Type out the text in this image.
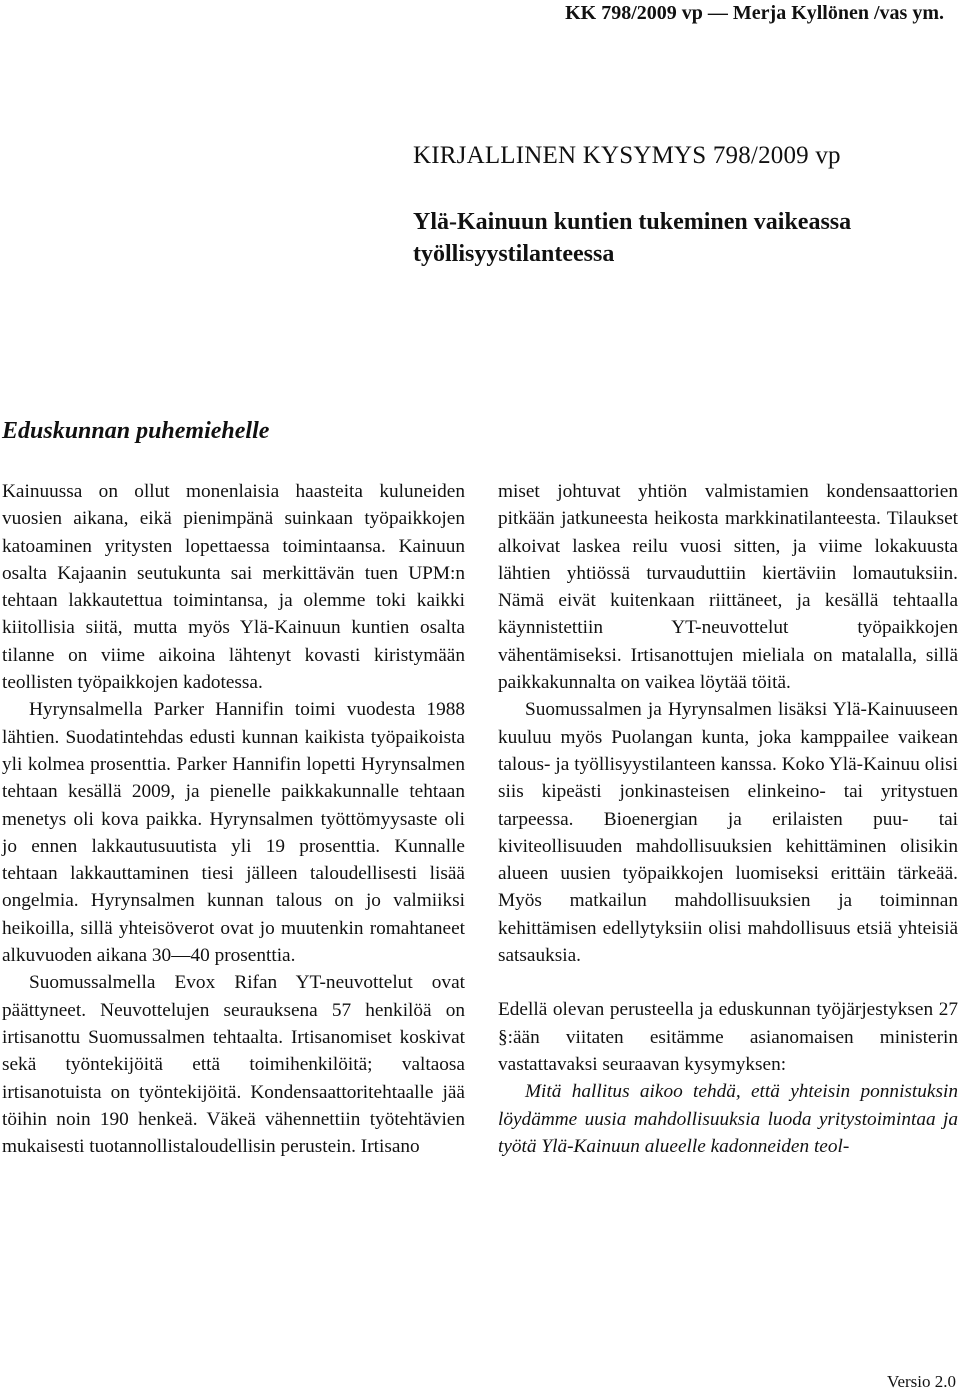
KK 798/2009 vp — Merja Kyllönen /vas ym.
KIRJALLINEN KYSYMYS 798/2009 vp
Ylä-Kainuun kuntien tukeminen vaikeassa työllisyystilanteessa
Eduskunnan puhemiehelle

Kainuussa on ollut monenlaisia haasteita kuluneiden vuosien aikana, eikä pienimpänä suinkaan työpaikkojen katoaminen yritysten lopettaessa toimintaansa. Kainuun osalta Kajaanin seutukunta sai merkittävän tuen UPM:n tehtaan lakkautettua toimintansa, ja olemme toki kaikki kiitollisia siitä, mutta myös Ylä-Kainuun kuntien osalta tilanne on viime aikoina lähtenyt kovasti kiristymään teollisten työpaikkojen kadotessa.

Hyrynsalmella Parker Hannifin toimi vuodesta 1988 lähtien. Suodatintehdas edusti kunnan kaikista työpaikoista yli kolmea prosenttia. Parker Hannifin lopetti Hyrynsalmen tehtaan kesällä 2009, ja pienelle paikkakunnalle tehtaan menetys oli kova paikka. Hyrynsalmen työttömyysaste oli jo ennen lakkautusuutista yli 19 prosenttia. Kunnalle tehtaan lakkauttaminen tiesi jälleen taloudellisesti lisää ongelmia. Hyrynsalmen kunnan talous on jo valmiiksi heikoilla, sillä yhteisöverot ovat jo muutenkin romahtaneet alkuvuoden aikana 30—40 prosenttia.

Suomussalmella Evox Rifan YT-neuvottelut ovat päättyneet. Neuvottelujen seurauksena 57 henkilöä on irtisanottu Suomussalmen tehtaalta. Irtisanomiset koskivat sekä työntekijöitä että toimihenkilöitä; valtaosa irtisanotuista on työntekijöitä. Kondensaattoritehtaalle jää töihin noin 190 henkeä. Väkeä vähennettiin työtehtävien mukaisesti tuotannollistaloudellisin perustein. Irtisano

miset johtuvat yhtiön valmistamien kondensaattorien pitkään jatkuneesta heikosta markkinatilanteesta. Tilaukset alkoivat laskea reilu vuosi sitten, ja viime lokakuusta lähtien yhtiössä turvauduttiin kiertäviin lomautuksiin. Nämä eivät kuitenkaan riittäneet, ja kesällä tehtaalla käynnistettiin YT-neuvottelut työpaikkojen vähentämiseksi. Irtisanottujen mieliala on matalalla, sillä paikkakunnalta on vaikea löytää töitä.

Suomussalmen ja Hyrynsalmen lisäksi Ylä-Kainuuseen kuuluu myös Puolangan kunta, joka kamppailee vaikean talous- ja työllisyystilanteen kanssa. Koko Ylä-Kainuu olisi siis kipeästi jonkinasteisen elinkeino- tai yritystuen tarpeessa. Bioenergian ja erilaisten puu- tai kiviteollisuuden mahdollisuuksien kehittäminen olisikin alueen uusien työpaikkojen luomiseksi erittäin tärkeää. Myös matkailun mahdollisuuksien ja toiminnan kehittämisen edellytyksiin olisi mahdollisuus etsiä yhteisiä satsauksia.

Edellä olevan perusteella ja eduskunnan työjärjestyksen 27 §:ään viitaten esitämme asianomaisen ministerin vastattavaksi seuraavan kysymyksen:

Mitä hallitus aikoo tehdä, että yhteisin ponnistuksin löydämme uusia mahdollisuuksia luoda yritystoimintaa ja työtä Ylä-Kainuun alueelle kadonneiden teol-

Versio 2.0
